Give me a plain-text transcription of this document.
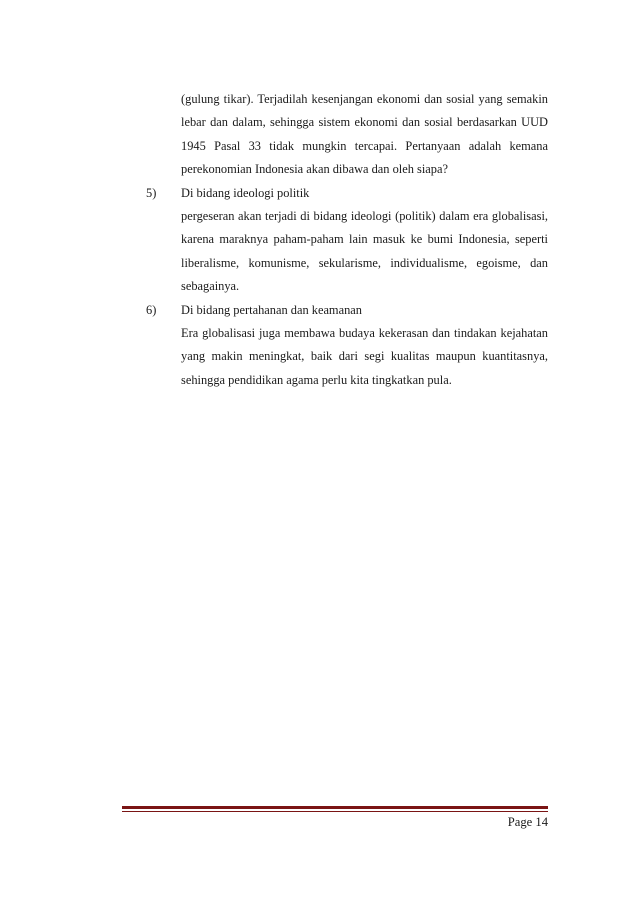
(gulung tikar). Terjadilah kesenjangan ekonomi dan sosial yang semakin lebar dan dalam, sehingga sistem ekonomi dan sosial berdasarkan UUD 1945 Pasal 33 tidak mungkin tercapai. Pertanyaan adalah kemana perekonomian Indonesia akan dibawa dan oleh siapa?

5)	Di bidang ideologi politik

pergeseran akan terjadi di bidang ideologi (politik) dalam era globalisasi, karena maraknya paham-paham lain masuk ke bumi Indonesia, seperti liberalisme, komunisme, sekularisme, individualisme, egoisme, dan sebagainya.

6)	Di bidang pertahanan dan keamanan

Era globalisasi juga membawa budaya kekerasan dan tindakan kejahatan yang makin meningkat, baik dari segi kualitas maupun kuantitasnya, sehingga pendidikan agama perlu kita tingkatkan pula.

Page 14
